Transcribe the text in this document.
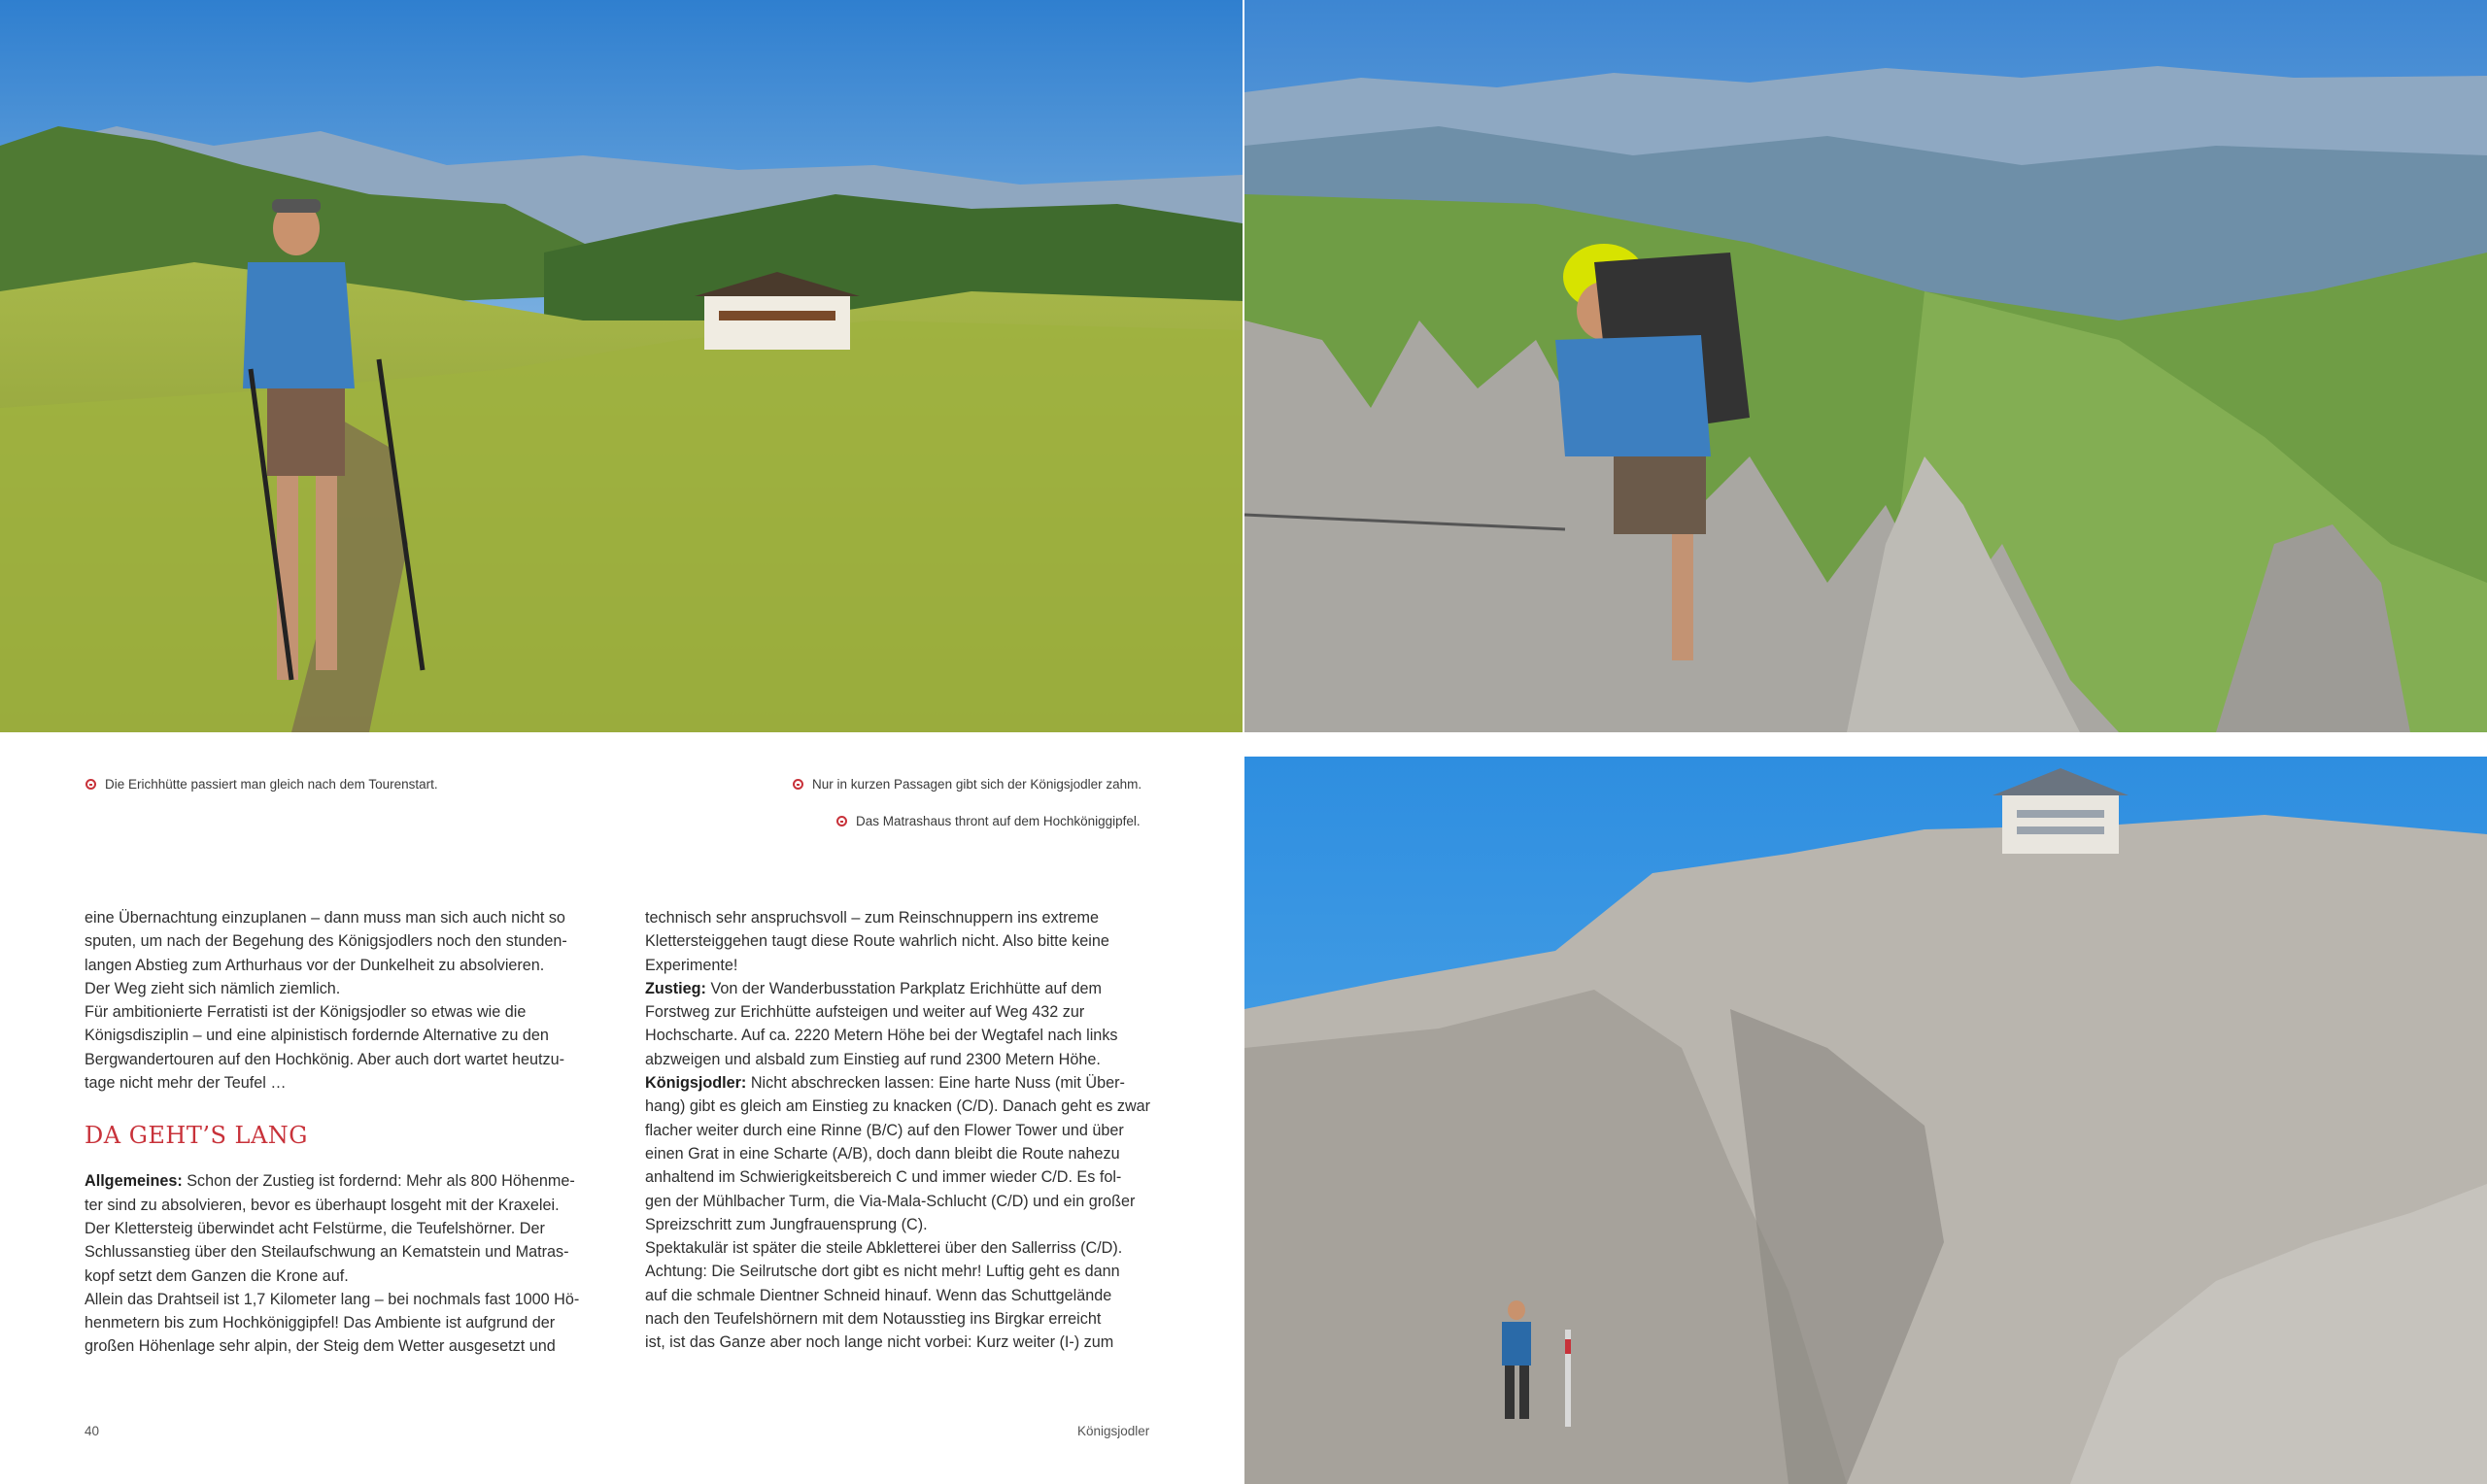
Die Erichhütte passiert man gleich nach dem Tourenstart.	Nur in kurzen Passagen gibt sich der Königsjodler zahm.
Das Matrashaus thront auf dem Hochköniggipfel.

eine Übernachtung einzuplanen – dann muss man sich auch nicht so

sputen, um nach der Begehung des Königsjodlers noch den stunden-

langen Abstieg zum Arthurhaus vor der Dunkelheit zu absolvieren.

Der Weg zieht sich nämlich ziemlich.

Für ambitionierte Ferratisti ist der Königsjodler so etwas wie die

Königsdisziplin – und eine alpinistisch fordernde Alternative zu den

Bergwandertouren auf den Hochkönig. Aber auch dort wartet heutzu-

tage nicht mehr der Teufel …

DA GEHT’S LANG

Allgemeines: Schon der Zustieg ist fordernd: Mehr als 800 Höhenme-

ter sind zu absolvieren, bevor es überhaupt losgeht mit der Kraxelei.

Der Klettersteig überwindet acht Felstürme, die Teufelshörner. Der

Schlussanstieg über den Steilaufschwung an Kematstein und Matras-

kopf setzt dem Ganzen die Krone auf.

Allein das Drahtseil ist 1,7 Kilometer lang – bei nochmals fast 1000 Hö-

henmetern bis zum Hochköniggipfel! Das Ambiente ist aufgrund der

großen Höhenlage sehr alpin, der Steig dem Wetter ausgesetzt und

technisch sehr anspruchsvoll – zum Reinschnuppern ins extreme

Klettersteiggehen taugt diese Route wahrlich nicht. Also bitte keine

Experimente!

Zustieg: Von der Wanderbusstation Parkplatz Erichhütte auf dem

Forstweg zur Erichhütte aufsteigen und weiter auf Weg 432 zur

Hochscharte. Auf ca. 2220 Metern Höhe bei der Wegtafel nach links

abzweigen und alsbald zum Einstieg auf rund 2300 Metern Höhe.

Königsjodler: Nicht abschrecken lassen: Eine harte Nuss (mit Über-

hang) gibt es gleich am Einstieg zu knacken (C/D). Danach geht es zwar

flacher weiter durch eine Rinne (B/C) auf den Flower Tower und über

einen Grat in eine Scharte (A/B), doch dann bleibt die Route nahezu

anhaltend im Schwierigkeitsbereich C und immer wieder C/D. Es fol-

gen der Mühlbacher Turm, die Via-Mala-Schlucht (C/D) und ein großer

Spreizschritt zum Jungfrauensprung (C).

Spektakulär ist später die steile Abkletterei über den Sallerriss (C/D).

Achtung: Die Seilrutsche dort gibt es nicht mehr! Luftig geht es dann

auf die schmale Dientner Schneid hinauf. Wenn das Schuttgelände

nach den Teufelshörnern mit dem Notausstieg ins Birgkar erreicht

ist, ist das Ganze aber noch lange nicht vorbei: Kurz weiter (I-) zum

40	Königsjodler
